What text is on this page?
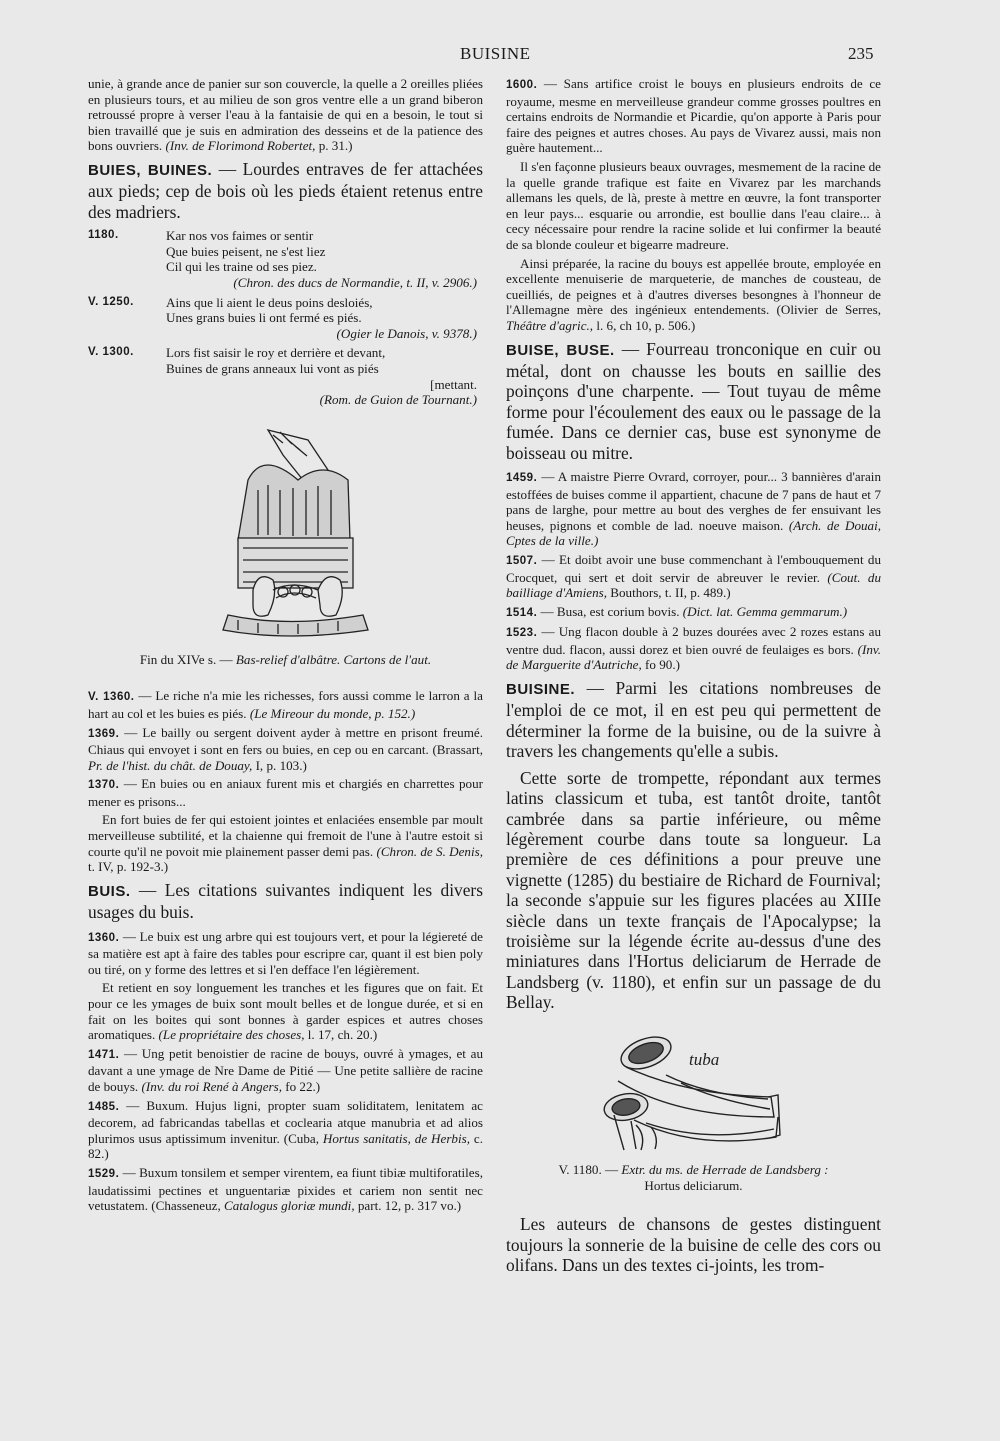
BUISINE	235

unie, à grande ance de panier sur son couvercle, la quelle a 2 oreilles pliées en plusieurs tours, et au milieu de son gros ventre elle a un grand biberon retroussé propre à verser l'eau à la fantaisie de qui en a besoin, le tout si bien travaillé que je suis en admiration des desseins et de la patience des bons ouvriers. (Inv. de Florimond Robertet, p. 31.)

BUIES, BUINES. — Lourdes entraves de fer attachées aux pieds; cep de bois où les pieds étaient retenus entre des madriers.

1180.	Kar nos vos faimes or sentir
Que buies peisent, ne s'est liez
Cil qui les traine od ses piez.
(Chron. des ducs de Normandie, t. II, v. 2906.)
V. 1250.	Ains que li aient le deus poins desloiés,
Unes grans buies li ont fermé es piés.
(Ogier le Danois, v. 9378.)
V. 1300.	Lors fist saisir le roy et derrière et devant,
Buines de grans anneaux lui vont as piés
[mettant.
(Rom. de Guion de Tournant.)
Fin du XIVe s. — Bas-relief d'albâtre. Cartons de l'aut.

V. 1360. — Le riche n'a mie les richesses, fors aussi comme le larron a la hart au col et les buies es piés. (Le Mireour du monde, p. 152.)

1369. — Le bailly ou sergent doivent ayder à mettre en prisont freumé. Chiaus qui envoyet i sont en fers ou buies, en cep ou en carcant. (Brassart, Pr. de l'hist. du chât. de Douay, I, p. 103.)

1370. — En buies ou en aniaux furent mis et chargiés en charrettes pour mener es prisons...

En fort buies de fer qui estoient jointes et enlaciées ensemble par moult merveilleuse subtilité, et la chaienne qui fremoit de l'une à l'autre estoit si courte qu'il ne povoit mie plainement passer demi pas. (Chron. de S. Denis, t. IV, p. 192-3.)

BUIS. — Les citations suivantes indiquent les divers usages du buis.

1360. — Le buix est ung arbre qui est toujours vert, et pour la légiereté de sa matière est apt à faire des tables pour escripre car, quant il est bien poly ou tiré, on y forme des lettres et si l'en defface l'en légièrement.

Et retient en soy longuement les tranches et les figures que on fait. Et pour ce les ymages de buix sont moult belles et de longue durée, et si en fait on les boites qui sont bonnes à garder espices et autres choses aromatiques. (Le propriétaire des choses, l. 17, ch. 20.)

1471. — Ung petit benoistier de racine de bouys, ouvré à ymages, et au davant a une ymage de Nre Dame de Pitié — Une petite sallière de racine de bouys. (Inv. du roi René à Angers, fo 22.)

1485. — Buxum. Hujus ligni, propter suam soliditatem, lenitatem ac decorem, ad fabricandas tabellas et coclearia atque manubria et ad alios plurimos usus aptissimum invenitur. (Cuba, Hortus sanitatis, de Herbis, c. 82.)

1529. — Buxum tonsilem et semper virentem, ea fiunt tibiæ multiforatiles, laudatissimi pectines et unguentariæ pixides et cariem non sentit nec vetustatem. (Chasseneuz, Catalogus gloriæ mundi, part. 12, p. 317 vo.)

1600. — Sans artifice croist le bouys en plusieurs endroits de ce royaume, mesme en merveilleuse grandeur comme grosses poultres en certains endroits de Normandie et Picardie, qu'on apporte à Paris pour faire des peignes et autres choses. Au pays de Vivarez aussi, mais non guère hautement...

Il s'en façonne plusieurs beaux ouvrages, mesmement de la racine de la quelle grande trafique est faite en Vivarez par les marchands allemans les quels, de là, preste à mettre en œuvre, la font transporter en leur pays... esquarie ou arrondie, est boullie dans l'eau claire... à cecy nécessaire pour rendre la racine solide et lui confirmer la beauté de sa blonde couleur et bigearre madreure.

Ainsi préparée, la racine du bouys est appellée broute, employée en excellente menuiserie de marqueterie, de manches de cousteau, de cueilliés, de peignes et à d'autres diverses besongnes à l'honneur de l'Allemagne mère des ingénieux entendements. (Olivier de Serres, Théâtre d'agric., l. 6, ch 10, p. 506.)

BUISE, BUSE. — Fourreau tronconique en cuir ou métal, dont on chausse les bouts en saillie des poinçons d'une charpente. — Tout tuyau de même forme pour l'écoulement des eaux ou le passage de la fumée. Dans ce dernier cas, buse est synonyme de boisseau ou mitre.

1459. — A maistre Pierre Ovrard, corroyer, pour... 3 bannières d'arain estoffées de buises comme il appartient, chacune de 7 pans de haut et 7 pans de larghe, pour mettre au bout des verghes de fer ensuivant les heuses, pignons et comble de lad. noeuve maison. (Arch. de Douai, Cptes de la ville.)

1507. — Et doibt avoir une buse commenchant à l'embouquement du Crocquet, qui sert et doit servir de abreuver le revier. (Cout. du bailliage d'Amiens, Bouthors, t. II, p. 489.)

1514. — Busa, est corium bovis. (Dict. lat. Gemma gemmarum.)

1523. — Ung flacon double à 2 buzes dourées avec 2 rozes estans au ventre dud. flacon, aussi dorez et bien ouvré de feulaiges es bors. (Inv. de Marguerite d'Autriche, fo 90.)

BUISINE. — Parmi les citations nombreuses de l'emploi de ce mot, il en est peu qui permettent de déterminer la forme de la buisine, ou de la suivre à travers les changements qu'elle a subis.

Cette sorte de trompette, répondant aux termes latins classicum et tuba, est tantôt droite, tantôt cambrée dans sa partie inférieure, ou même légèrement courbe dans toute sa longueur. La première de ces définitions a pour preuve une vignette (1285) du bestiaire de Richard de Fournival; la seconde s'appuie sur les figures placées au XIIIe siècle dans un texte français de l'Apocalypse; la troisième sur la légende écrite au-dessus d'une des miniatures dans l'Hortus deliciarum de Herrade de Landsberg (v. 1180), et enfin sur un passage de du Bellay.

tuba
V. 1180. — Extr. du ms. de Herrade de Landsberg :
Hortus deliciarum.

Les auteurs de chansons de gestes distinguent toujours la sonnerie de la buisine de celle des cors ou olifans. Dans un des textes ci-joints, les trom-
